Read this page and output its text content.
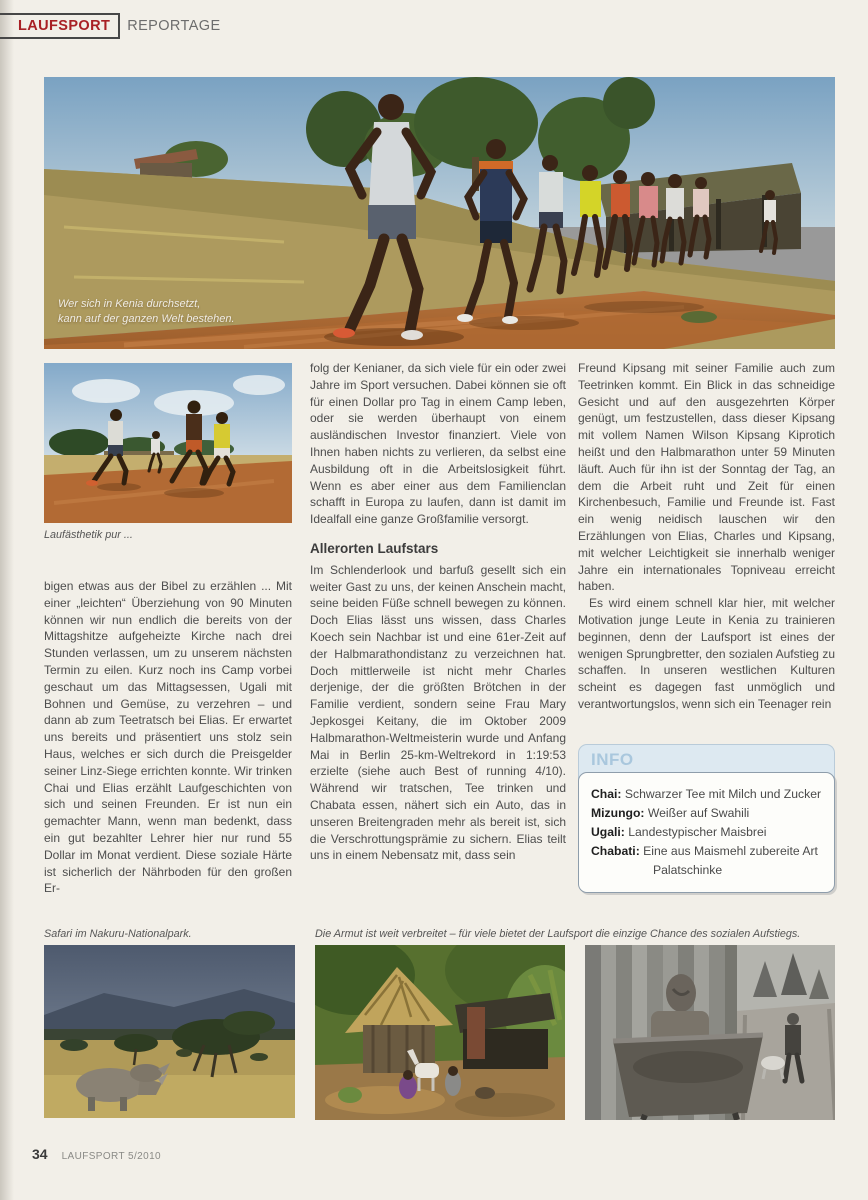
LAUFSPORT	REPORTAGE
Wer sich in Kenia durchsetzt,
kann auf der ganzen Welt bestehen.
Laufästhetik pur ...

bigen etwas aus der Bibel zu erzählen ... Mit einer „leichten“ Überziehung von 90 Minuten können wir nun endlich die bereits von der Mittagshitze aufgeheizte Kirche nach drei Stunden verlassen, um zu unserem nächsten Termin zu eilen. Kurz noch ins Camp vorbei geschaut um das Mittagsessen, Ugali mit Bohnen und Gemüse, zu verzehren – und dann ab zum Teetratsch bei Elias. Er erwartet uns bereits und präsentiert uns stolz sein Haus, welches er sich durch die Preisgelder seiner Linz-Siege errichten konnte. Wir trinken Chai und Elias erzählt Laufgeschichten von sich und seinen Freunden. Er ist nun ein gemachter Mann, wenn man bedenkt, dass ein gut bezahlter Lehrer hier nur rund 55 Dollar im Monat verdient. Diese soziale Härte ist sicherlich der Nährboden für den großen Er-

folg der Kenianer, da sich viele für ein oder zwei Jahre im Sport versuchen. Dabei können sie oft für einen Dollar pro Tag in einem Camp leben, oder sie werden überhaupt von einem ausländischen Investor finanziert. Viele von Ihnen haben nichts zu verlieren, da selbst eine Ausbildung oft in die Arbeitslosigkeit führt. Wenn es aber einer aus dem Familienclan schafft in Europa zu laufen, dann ist damit im Idealfall eine ganze Großfamilie versorgt.

Allerorten Laufstars

Im Schlenderlook und barfuß gesellt sich ein weiter Gast zu uns, der keinen Anschein macht, seine beiden Füße schnell bewegen zu können. Doch Elias lässt uns wissen, dass Charles Koech sein Nachbar ist und eine 61er-Zeit auf der Halbmarathondistanz zu verzeichnen hat. Doch mittlerweile ist nicht mehr Charles derjenige, der die größten Brötchen in der Familie verdient, sondern seine Frau Mary Jepkosgei Keitany, die im Oktober 2009 Halbmarathon-Weltmeisterin wurde und Anfang Mai in Berlin 25-km-Weltrekord in 1:19:53 erzielte (siehe auch Best of running 4/10). Während wir tratschen, Tee trinken und Chabata essen, nähert sich ein Auto, das in unseren Breitengraden mehr als bereit ist, sich die Verschrottungsprämie zu sichern. Elias teilt uns in einem Nebensatz mit, dass sein

Freund Kipsang mit seiner Familie auch zum Teetrinken kommt. Ein Blick in das schneidige Gesicht und auf den ausgezehrten Körper genügt, um festzustellen, dass dieser Kipsang mit vollem Namen Wilson Kipsang Kiprotich heißt und den Halbmarathon unter 59 Minuten läuft. Auch für ihn ist der Sonntag der Tag, an dem die Arbeit ruht und Zeit für einen Kirchenbesuch, Familie und Freunde ist. Fast ein wenig neidisch lauschen wir den Erzählungen von Elias, Charles und Kipsang, mit welcher Leichtigkeit sie innerhalb weniger Jahre ein internationales Topniveau erreicht haben.

Es wird einem schnell klar hier, mit welcher Motivation junge Leute in Kenia zu trainieren beginnen, denn der Laufsport ist eines der wenigen Sprungbretter, den sozialen Aufstieg zu schaffen. In unseren westlichen Kulturen scheint es dagegen fast unmöglich und verantwortungslos, wenn sich ein Teenager rein

INFO
Chai: Schwarzer Tee mit Milch und Zucker
Mizungo: Weißer auf Swahili
Ugali: Landestypischer Maisbrei
Chabati: Eine aus Maismehl zubereite Art Palatschinke
Safari im Nakuru-Nationalpark.	Die Armut ist weit verbreitet – für viele bietet der Laufsport die einzige Chance des sozialen Aufstiegs.
34 LAUFSPORT 5/2010
